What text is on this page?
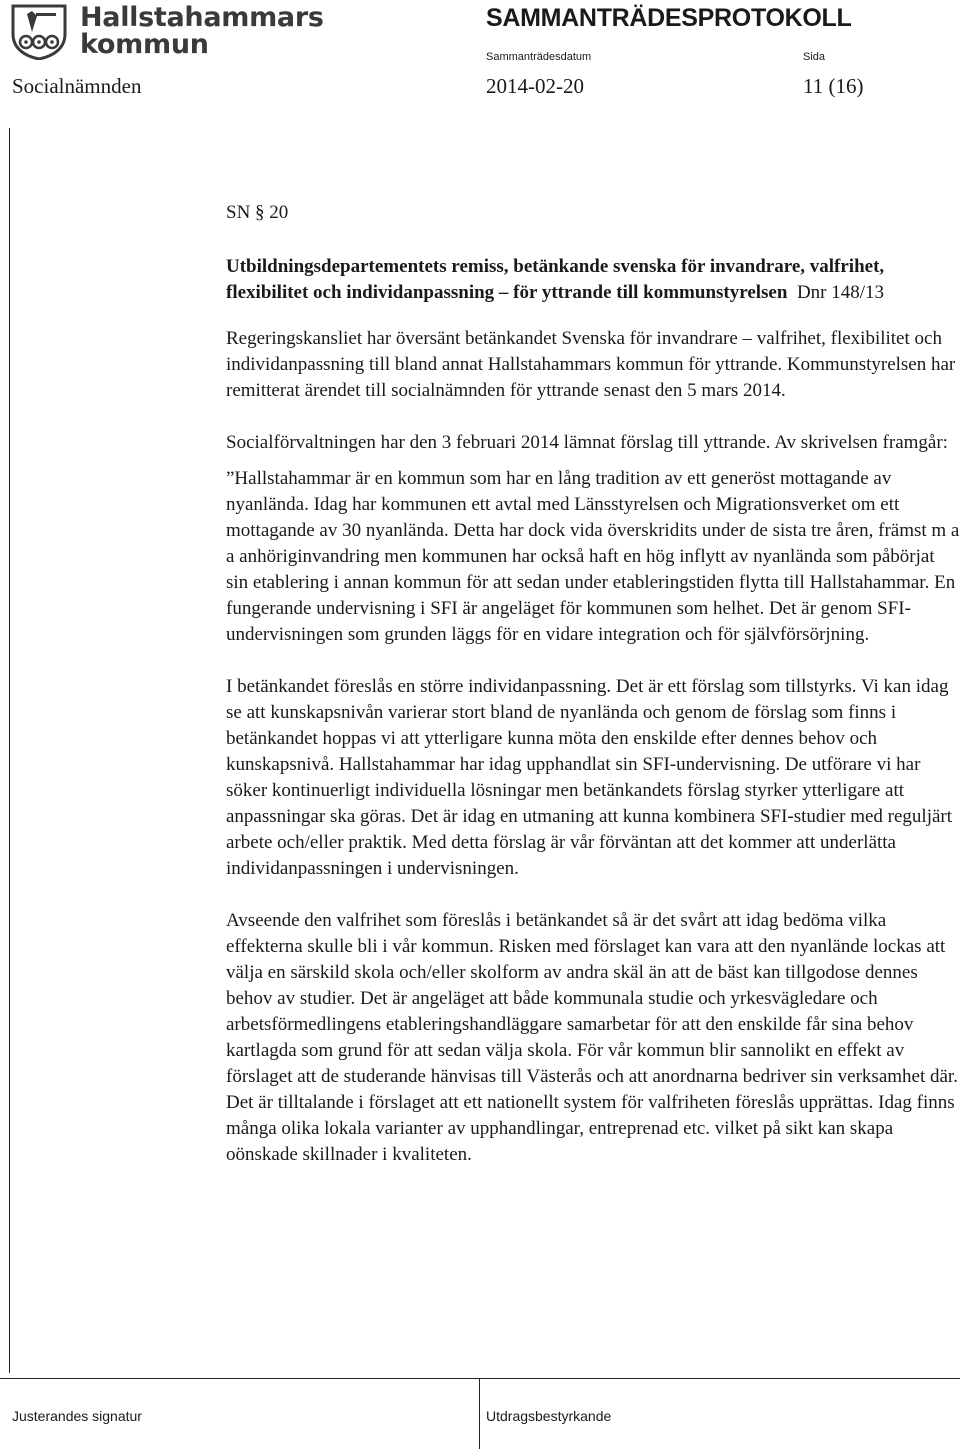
Hallstahammars
kommun
SAMMANTRÄDESPROTOKOLL
Sammanträdesdatum	Sida
Socialnämnden	2014-02-20	11 (16)

SN § 20

Utbildningsdepartementets remiss, betänkande svenska för invandrare, valfrihet, flexibilitet och individanpassning – för yttrande till kommunstyrelsen Dnr 148/13

Regeringskansliet har översänt betänkandet Svenska för invandrare – valfrihet, flexibilitet och individanpassning till bland annat Hallstahammars kommun för yttrande. Kommunstyrelsen har remitterat ärendet till socialnämnden för yttrande senast den 5 mars 2014.

Socialförvaltningen har den 3 februari 2014 lämnat förslag till yttrande. Av skrivelsen framgår:

”Hallstahammar är en kommun som har en lång tradition av ett generöst mottagande av nyanlända. Idag har kommunen ett avtal med Länsstyrelsen och Migrationsverket om ett mottagande av 30 nyanlända. Detta har dock vida överskridits under de sista tre åren, främst m a a anhöriginvandring men kommunen har också haft en hög inflytt av nyanlända som påbörjat sin etablering i annan kommun för att sedan under etableringstiden flytta till Hallstahammar. En fungerande undervisning i SFI är angeläget för kommunen som helhet. Det är genom SFI-undervisningen som grunden läggs för en vidare integration och för självförsörjning.

I betänkandet föreslås en större individanpassning. Det är ett förslag som tillstyrks. Vi kan idag se att kunskapsnivån varierar stort bland de nyanlända och genom de förslag som finns i betänkandet hoppas vi att ytterligare kunna möta den enskilde efter dennes behov och kunskapsnivå. Hallstahammar har idag upphandlat sin SFI-undervisning. De utförare vi har söker kontinuerligt individuella lösningar men betänkandets förslag styrker ytterligare att anpassningar ska göras. Det är idag en utmaning att kunna kombinera SFI-studier med reguljärt arbete och/eller praktik. Med detta förslag är vår förväntan att det kommer att underlätta individanpassningen i undervisningen.

Avseende den valfrihet som föreslås i betänkandet så är det svårt att idag bedöma vilka effekterna skulle bli i vår kommun. Risken med förslaget kan vara att den nyanlände lockas att välja en särskild skola och/eller skolform av andra skäl än att de bäst kan tillgodose dennes behov av studier. Det är angeläget att både kommunala studie och yrkesvägledare och arbetsförmedlingens etableringshandläggare samarbetar för att den enskilde får sina behov kartlagda som grund för att sedan välja skola. För vår kommun blir sannolikt en effekt av förslaget att de studerande hänvisas till Västerås och att anordnarna bedriver sin verksamhet där. Det är tilltalande i förslaget att ett nationellt system för valfriheten föreslås upprättas. Idag finns många olika lokala varianter av upphandlingar, entreprenad etc. vilket på sikt kan skapa oönskade skillnader i kvaliteten.

Justerandes signatur	Utdragsbestyrkande
